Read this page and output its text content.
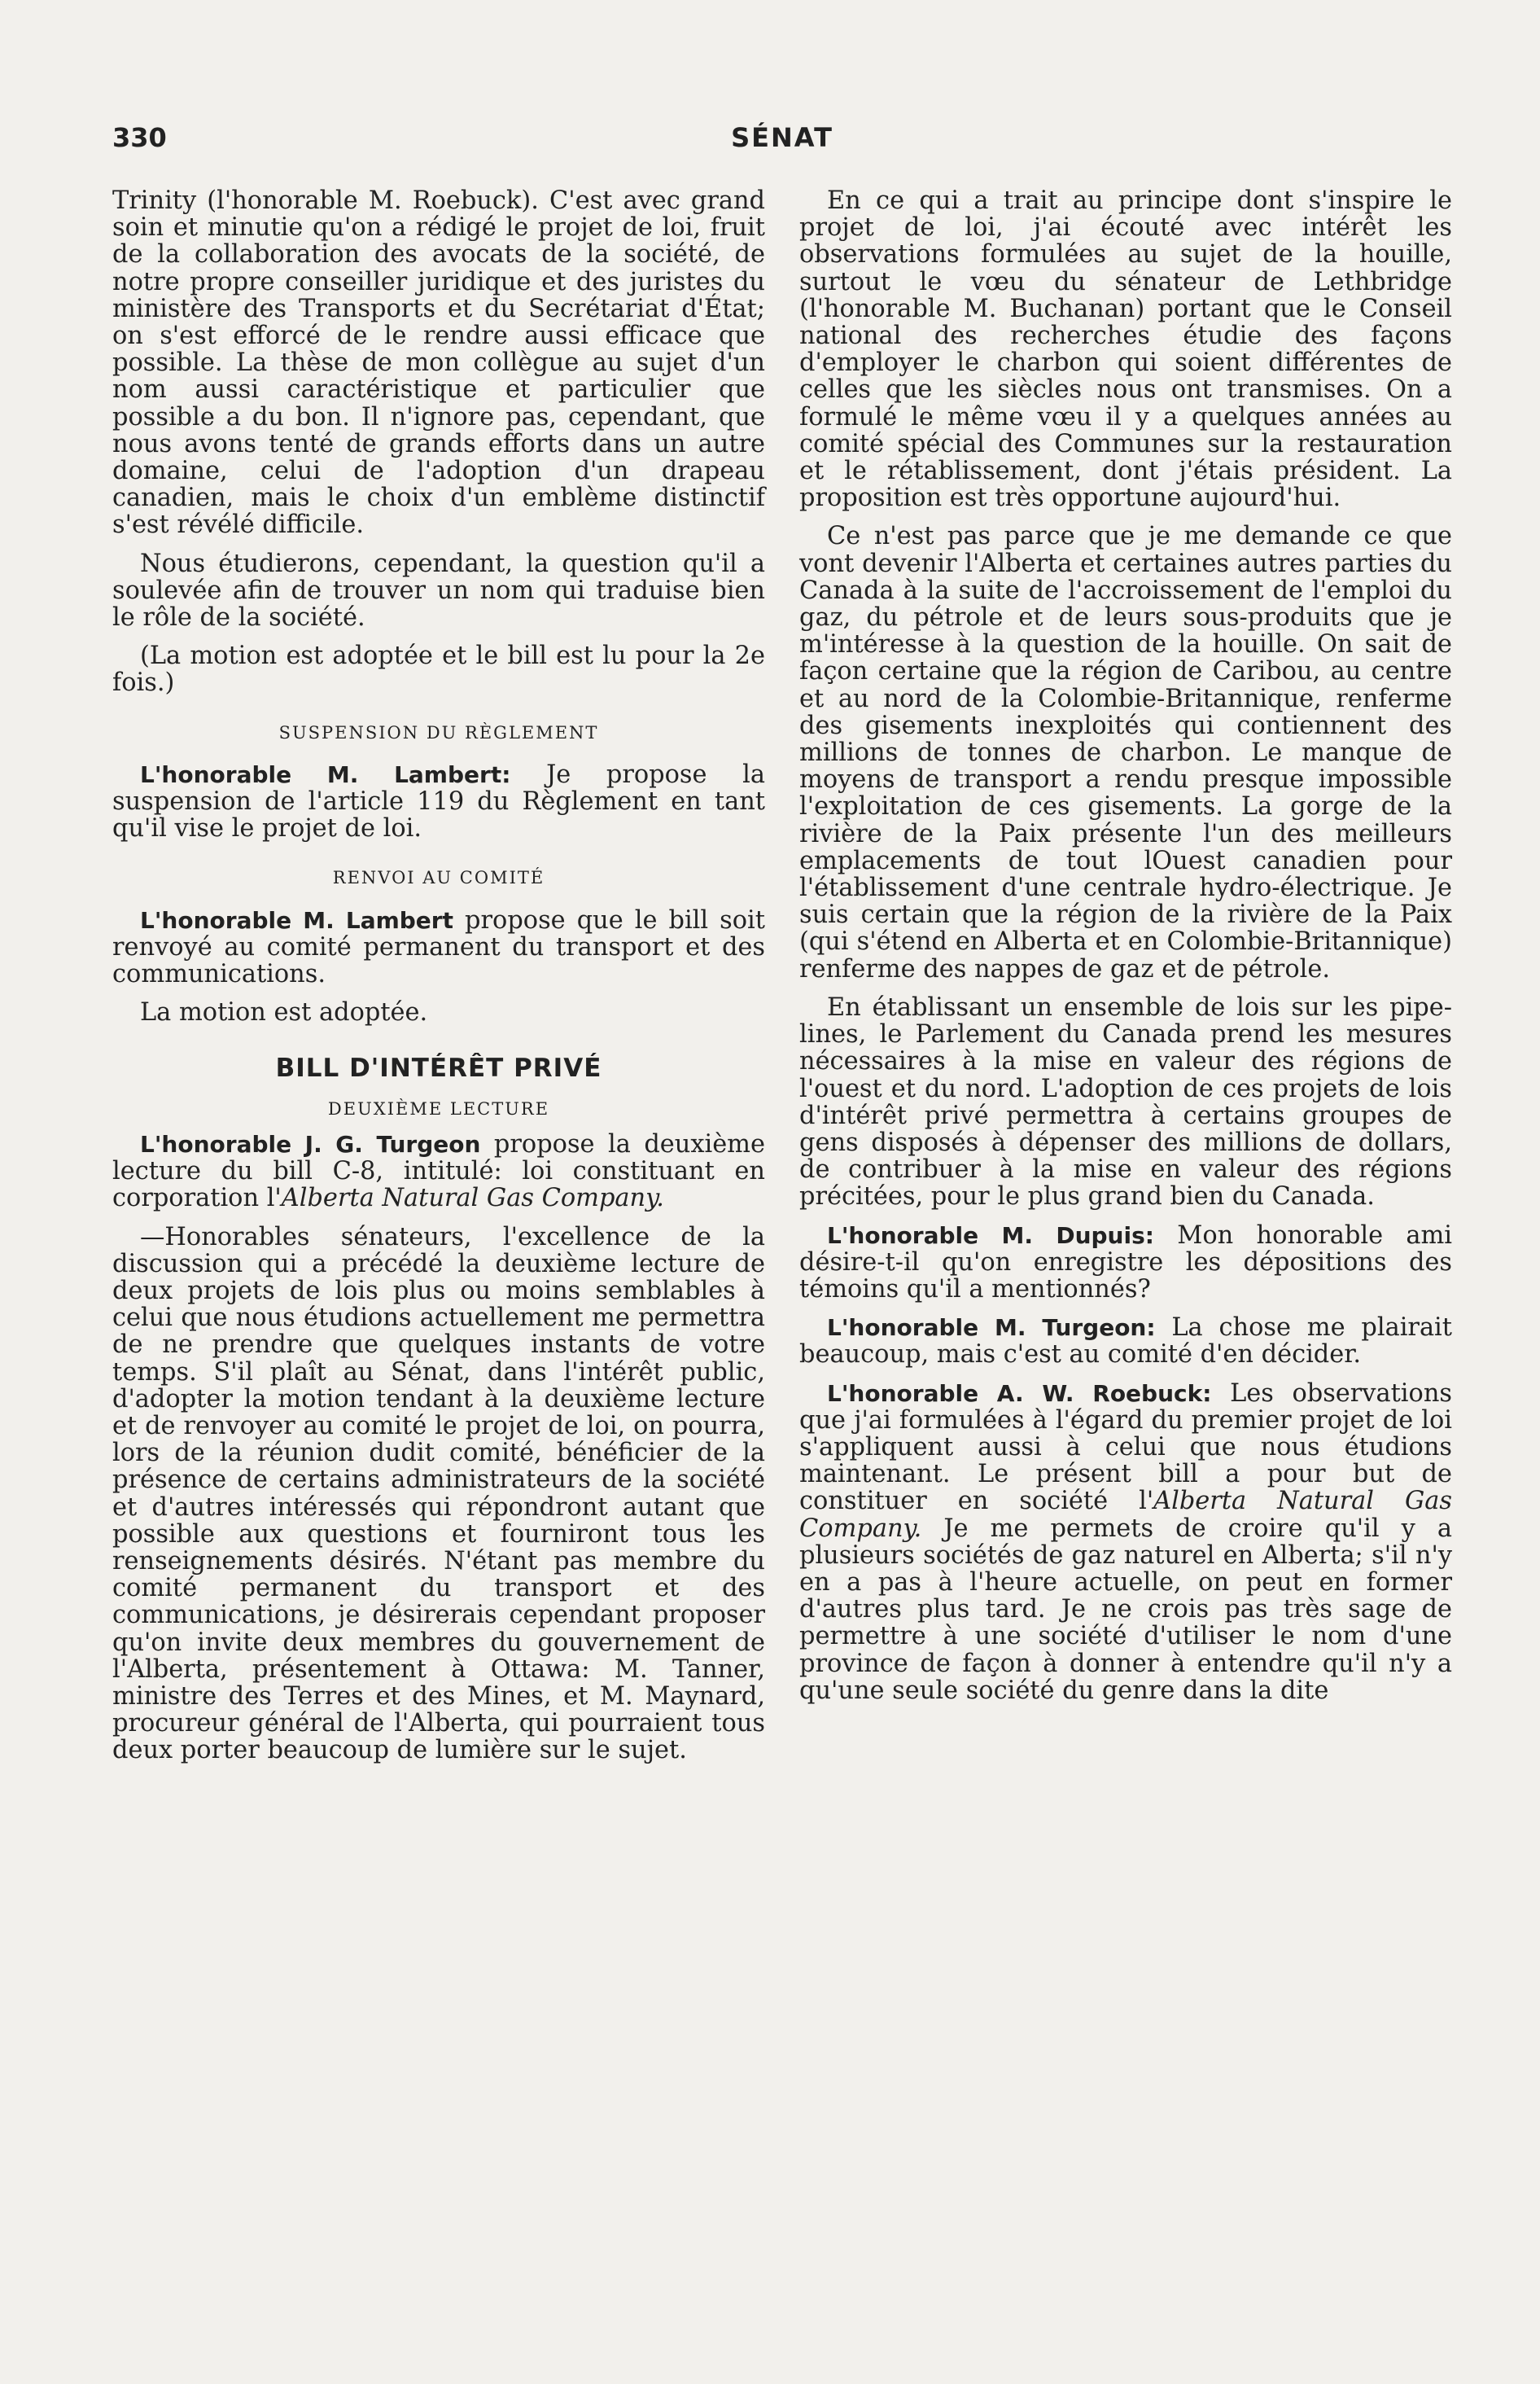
330	SÉNAT

Trinity (l'honorable M. Roebuck). C'est avec grand soin et minutie qu'on a rédigé le projet de loi, fruit de la collaboration des avocats de la société, de notre propre conseiller juridique et des juristes du ministère des Transports et du Secrétariat d'État; on s'est efforcé de le rendre aussi efficace que possible. La thèse de mon collègue au sujet d'un nom aussi caractéristique et particulier que possible a du bon. Il n'ignore pas, cependant, que nous avons tenté de grands efforts dans un autre domaine, celui de l'adoption d'un drapeau canadien, mais le choix d'un emblème distinctif s'est révélé difficile.

Nous étudierons, cependant, la question qu'il a soulevée afin de trouver un nom qui traduise bien le rôle de la société.

(La motion est adoptée et le bill est lu pour la 2e fois.)

SUSPENSION DU RÈGLEMENT

L'honorable M. Lambert: Je propose la suspension de l'article 119 du Règlement en tant qu'il vise le projet de loi.

RENVOI AU COMITÉ

L'honorable M. Lambert propose que le bill soit renvoyé au comité permanent du transport et des communications.

La motion est adoptée.

BILL D'INTÉRÊT PRIVÉ
DEUXIÈME LECTURE

L'honorable J. G. Turgeon propose la deuxième lecture du bill C-8, intitulé: loi constituant en corporation l'Alberta Natural Gas Company.

—Honorables sénateurs, l'excellence de la discussion qui a précédé la deuxième lecture de deux projets de lois plus ou moins semblables à celui que nous étudions actuellement me permettra de ne prendre que quelques instants de votre temps. S'il plaît au Sénat, dans l'intérêt public, d'adopter la motion tendant à la deuxième lecture et de renvoyer au comité le projet de loi, on pourra, lors de la réunion dudit comité, bénéficier de la présence de certains administrateurs de la société et d'autres intéressés qui répondront autant que possible aux questions et fourniront tous les renseignements désirés. N'étant pas membre du comité permanent du transport et des communications, je désirerais cependant proposer qu'on invite deux membres du gouvernement de l'Alberta, présentement à Ottawa: M. Tanner, ministre des Terres et des Mines, et M. Maynard, procureur général de l'Alberta, qui pourraient tous deux porter beaucoup de lumière sur le sujet.

En ce qui a trait au principe dont s'inspire le projet de loi, j'ai écouté avec intérêt les observations formulées au sujet de la houille, surtout le vœu du sénateur de Lethbridge (l'honorable M. Buchanan) portant que le Conseil national des recherches étudie des façons d'employer le charbon qui soient différentes de celles que les siècles nous ont transmises. On a formulé le même vœu il y a quelques années au comité spécial des Communes sur la restauration et le rétablissement, dont j'étais président. La proposition est très opportune aujourd'hui.

Ce n'est pas parce que je me demande ce que vont devenir l'Alberta et certaines autres parties du Canada à la suite de l'accroissement de l'emploi du gaz, du pétrole et de leurs sous-produits que je m'intéresse à la question de la houille. On sait de façon certaine que la région de Caribou, au centre et au nord de la Colombie-Britannique, renferme des gisements inexploités qui contiennent des millions de tonnes de charbon. Le manque de moyens de transport a rendu presque impossible l'exploitation de ces gisements. La gorge de la rivière de la Paix présente l'un des meilleurs emplacements de tout lOuest canadien pour l'établissement d'une centrale hydro-électrique. Je suis certain que la région de la rivière de la Paix (qui s'étend en Alberta et en Colombie-Britannique) renferme des nappes de gaz et de pétrole.

En établissant un ensemble de lois sur les pipe-lines, le Parlement du Canada prend les mesures nécessaires à la mise en valeur des régions de l'ouest et du nord. L'adoption de ces projets de lois d'intérêt privé permettra à certains groupes de gens disposés à dépenser des millions de dollars, de contribuer à la mise en valeur des régions précitées, pour le plus grand bien du Canada.

L'honorable M. Dupuis: Mon honorable ami désire-t-il qu'on enregistre les dépositions des témoins qu'il a mentionnés?

L'honorable M. Turgeon: La chose me plairait beaucoup, mais c'est au comité d'en décider.

L'honorable A. W. Roebuck: Les observations que j'ai formulées à l'égard du premier projet de loi s'appliquent aussi à celui que nous étudions maintenant. Le présent bill a pour but de constituer en société l'Alberta Natural Gas Company. Je me permets de croire qu'il y a plusieurs sociétés de gaz naturel en Alberta; s'il n'y en a pas à l'heure actuelle, on peut en former d'autres plus tard. Je ne crois pas très sage de permettre à une société d'utiliser le nom d'une province de façon à donner à entendre qu'il n'y a qu'une seule société du genre dans la dite
